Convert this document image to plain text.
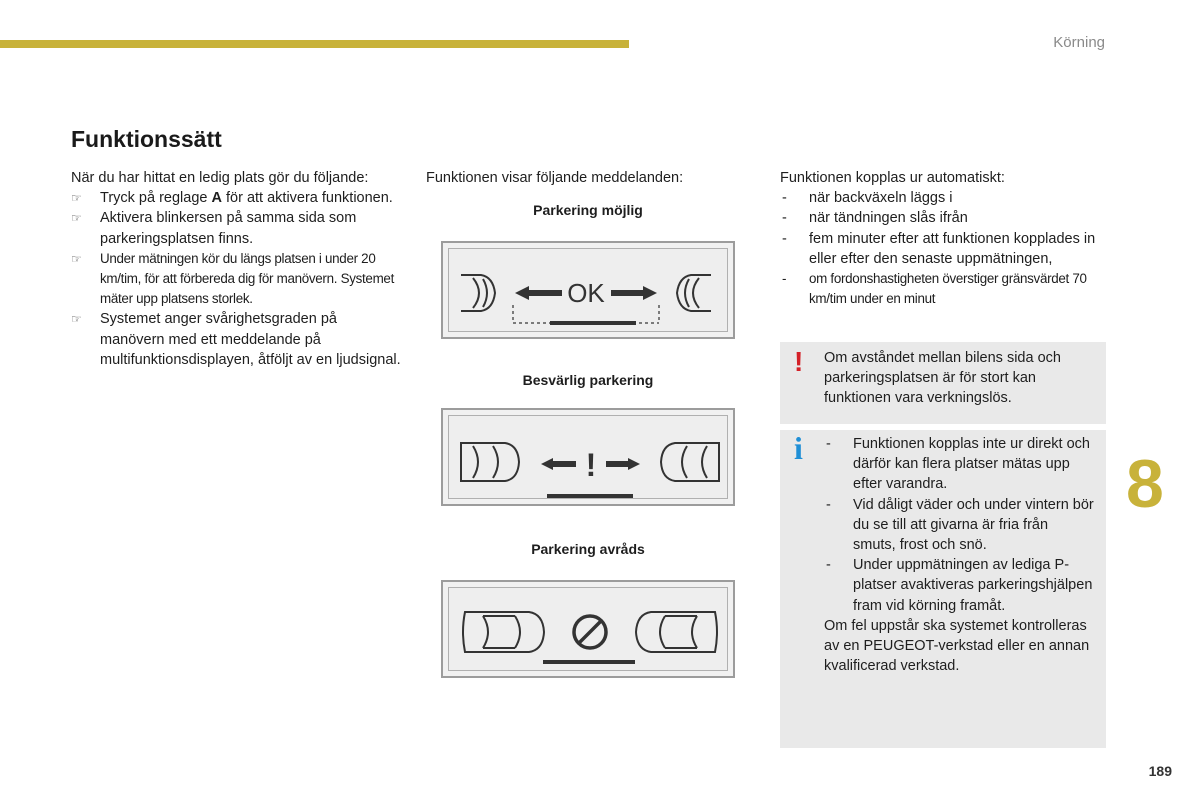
Körning
Funktionssätt

När du har hittat en ledig plats gör du följande:

☞ Tryck på reglage A för att aktivera funktionen.
☞ Aktivera blinkersen på samma sida som parkeringsplatsen finns.
☞ Under mätningen kör du längs platsen i under 20 km/tim, för att förbereda dig för manövern. Systemet mäter upp platsens storlek.
☞ Systemet anger svårighetsgraden på manövern med ett meddelande på multifunktionsdisplayen, åtföljt av en ljudsignal.

Funktionen visar följande meddelanden:

Parkering möjlig
OK
Besvärlig parkering
!
Parkering avråds

Funktionen kopplas ur automatiskt:

- när backväxeln läggs i
- när tändningen slås ifrån
- fem minuter efter att funktionen kopplades in eller efter den senaste uppmätningen,
- om fordonshastigheten överstiger gränsvärdet 70 km/tim under en minut
! Om avståndet mellan bilens sida och parkeringsplatsen är för stort kan funktionen vara verkningslös.
i - Funktionen kopplas inte ur direkt och därför kan flera platser mätas upp efter varandra.
- Vid dåligt väder och under vintern bör du se till att givarna är fria från smuts, frost och snö.
- Under uppmätningen av lediga P-platser avaktiveras parkeringshjälpen fram vid körning framåt.
Om fel uppstår ska systemet kontrolleras av en PEUGEOT-verkstad eller en annan kvalificerad verkstad.
8
189
